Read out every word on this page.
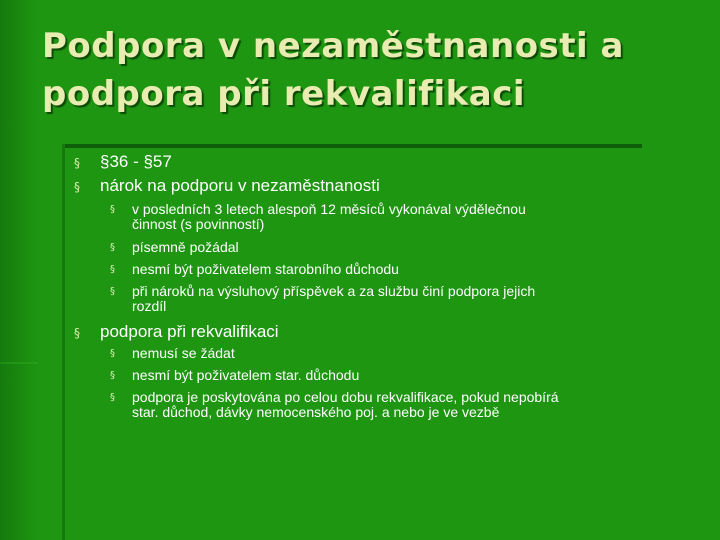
Podpora v nezaměstnanosti a
podpora při rekvalifikaci
§ §36 - §57
§ nárok na podporu v nezaměstnanosti
§ v posledních 3 letech alespoň 12 měsíců vykonával výdělečnou
činnost (s povinností)
§ písemně požádal
§ nesmí být poživatelem starobního důchodu
§ při nároků na výsluhový příspěvek a za službu činí podpora jejich
rozdíl
§ podpora při rekvalifikaci
§ nemusí se žádat
§ nesmí být poživatelem star. důchodu
§ podpora je poskytována po celou dobu rekvalifikace, pokud nepobírá
star. důchod, dávky nemocenského poj. a nebo je ve vezbě
